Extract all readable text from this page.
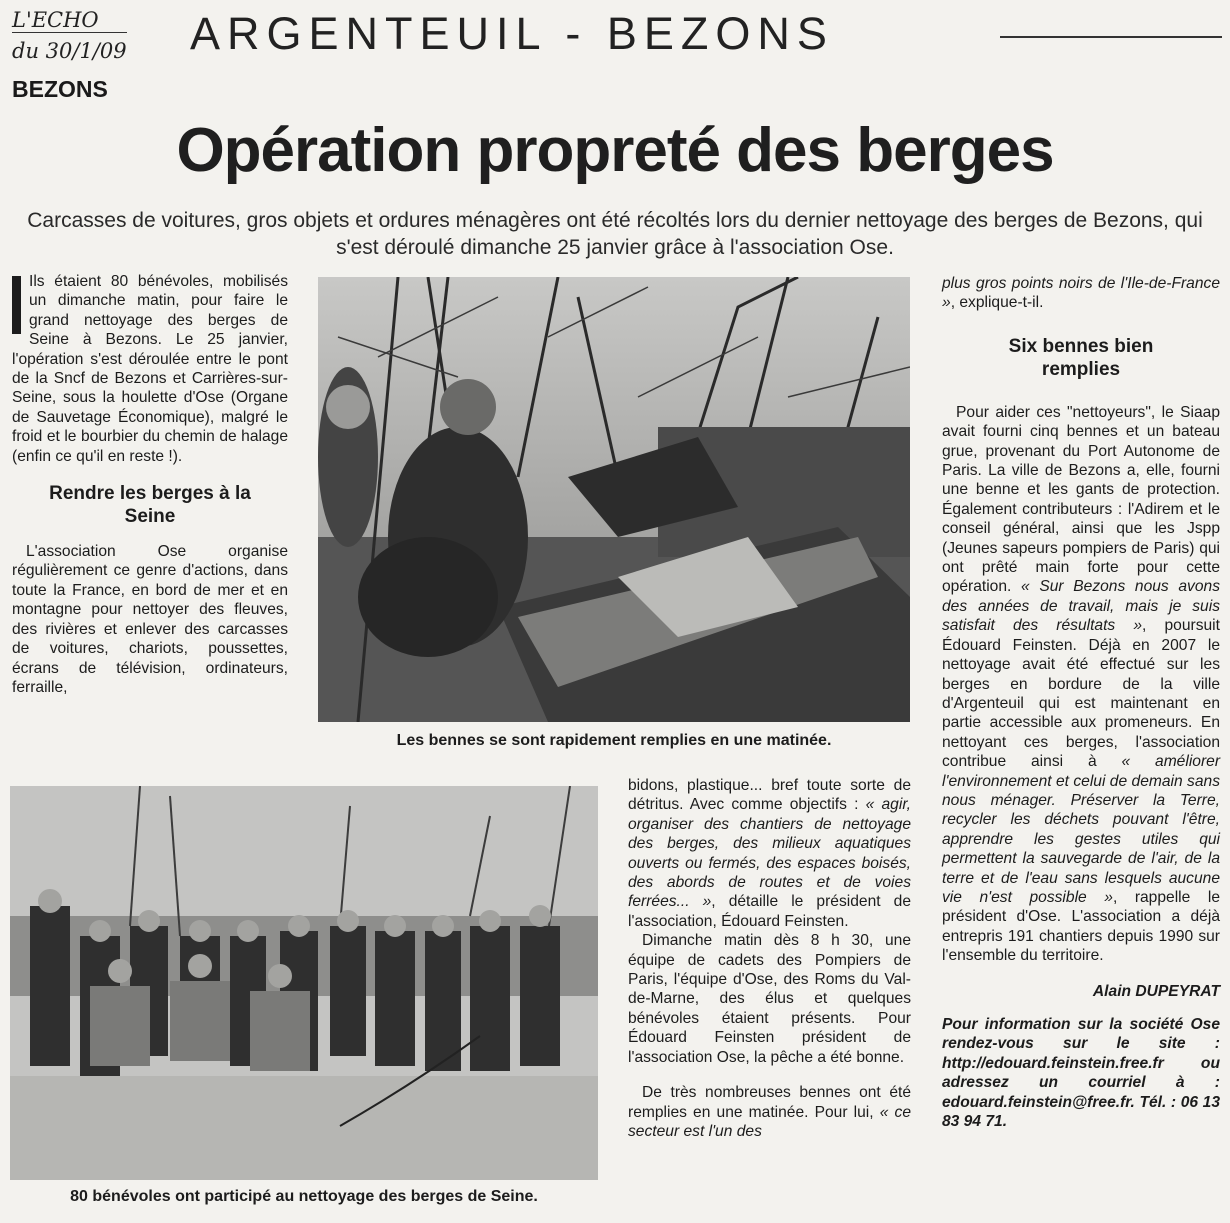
L'ECHO
du 30/1/09 ARGENTEUIL - BEZONS
BEZONS
Opération propreté des berges
Carcasses de voitures, gros objets et ordures ménagères ont été récoltés lors du dernier nettoyage des berges de Bezons, qui s'est déroulé dimanche 25 janvier grâce à l'association Ose.

Ils étaient 80 bénévoles, mobilisés un dimanche matin, pour faire le grand nettoyage des berges de Seine à Bezons. Le 25 janvier, l'opération s'est déroulée entre le pont de la Sncf de Bezons et Carrières-sur-Seine, sous la houlette d'Ose (Organe de Sauvetage Économique), malgré le froid et le bourbier du chemin de halage (enfin ce qu'il en reste !).

Rendre les berges à la Seine

L'association Ose organise régulièrement ce genre d'actions, dans toute la France, en bord de mer et en montagne pour nettoyer des fleuves, des rivières et enlever des carcasses de voitures, chariots, poussettes, écrans de télévision, ordinateurs, ferraille,

Les bennes se sont rapidement remplies en une matinée.
80 bénévoles ont participé au nettoyage des berges de Seine.

bidons, plastique... bref toute sorte de détritus. Avec comme objectifs : « agir, organiser des chantiers de nettoyage des berges, des milieux aquatiques ouverts ou fermés, des espaces boisés, des abords de routes et de voies ferrées... », détaille le président de l'association, Édouard Feinsten.

Dimanche matin dès 8 h 30, une équipe de cadets des Pompiers de Paris, l'équipe d'Ose, des Roms du Val-de-Marne, des élus et quelques bénévoles étaient présents. Pour Édouard Feinsten président de l'association Ose, la pêche a été bonne.

De très nombreuses bennes ont été remplies en une matinée. Pour lui, « ce secteur est l'un des

plus gros points noirs de l'Ile-de-France », explique-t-il.

Six bennes bien remplies

Pour aider ces "nettoyeurs", le Siaap avait fourni cinq bennes et un bateau grue, provenant du Port Autonome de Paris. La ville de Bezons a, elle, fourni une benne et les gants de protection. Également contributeurs : l'Adirem et le conseil général, ainsi que les Jspp (Jeunes sapeurs pompiers de Paris) qui ont prêté main forte pour cette opération. « Sur Bezons nous avons des années de travail, mais je suis satisfait des résultats », poursuit Édouard Feinsten. Déjà en 2007 le nettoyage avait été effectué sur les berges en bordure de la ville d'Argenteuil qui est maintenant en partie accessible aux promeneurs. En nettoyant ces berges, l'association contribue ainsi à « améliorer l'environnement et celui de demain sans nous ménager. Préserver la Terre, recycler les déchets pouvant l'être, apprendre les gestes utiles qui permettent la sauvegarde de l'air, de la terre et de l'eau sans lesquels aucune vie n'est possible », rappelle le président d'Ose. L'association a déjà entrepris 191 chantiers depuis 1990 sur l'ensemble du territoire.

Alain DUPEYRAT
Pour information sur la société Ose rendez-vous sur le site : http://edouard.feinstein.free.fr ou adressez un courriel à : edouard.feinstein@free.fr. Tél. : 06 13 83 94 71.
